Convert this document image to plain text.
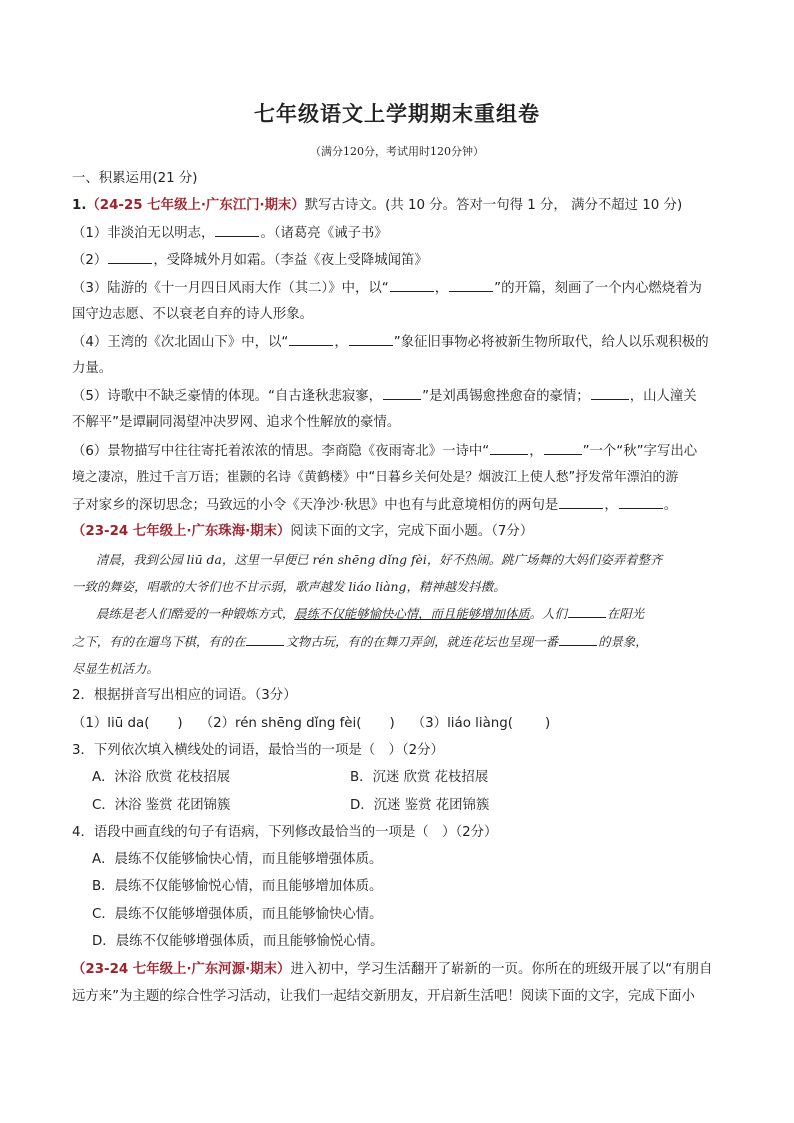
七年级语文上学期期末重组卷
（满分120分，考试用时120分钟）
一、积累运用(21 分)
1.（24-25 七年级上·广东江门·期末）默写古诗文。(共 10 分。答对一句得 1 分， 满分不超过 10 分)
（1）非淡泊无以明志，	。（诸葛亮《诫子书》
（2）	，受降城外月如霜。（李益《夜上受降城闻笛》
（3）陆游的《十一月四日风雨大作（其二）》中，以“	，	”的开篇，刻画了一个内心燃烧着为
国守边志愿、不以衰老自弃的诗人形象。
（4）王湾的《次北固山下》中，以“	，	”象征旧事物必将被新生物所取代，给人以乐观积极的
力量。
（5）诗歌中不缺乏豪情的体现。“自古逢秋悲寂寥，	”是刘禹锡愈挫愈奋的豪情；	，山人潼关
不解平”是谭嗣同渴望冲决罗网、追求个性解放的豪情。
（6）景物描写中往往寄托着浓浓的情思。李商隐《夜雨寄北》一诗中“	，	”一个“秋”字写出心
境之凄凉，胜过千言万语；崔颢的名诗《黄鹤楼》中“日暮乡关何处是？烟波江上使人愁”抒发常年漂泊的游
子对家乡的深切思念；马致远的小令《天净沙·秋思》中也有与此意境相仿的两句是	，	。
（23-24 七年级上·广东珠海·期末）阅读下面的文字，完成下面小题。（7分）
清晨，我到公园 liū da，这里一早便已 rén shēng dǐng fèi，好不热闹。跳广场舞的大妈们姿弄着整齐
一致的舞姿，唱歌的大爷们也不甘示弱，歌声越发 liáo liàng，精神越发抖擞。
晨练是老人们酷爱的一种锻炼方式，晨练不仅能够愉快心情，而且能够增加体质。人们	在阳光
之下，有的在遛鸟下棋，有的在	文物古玩，有的在舞刀弄剑，就连花坛也呈现一番	的景象，
尽显生机活力。
2．根据拼音写出相应的词语。（3分）
（1）liū da( ) （2）rén shēng dǐng fèi( ) （3）liáo liàng( )
3．下列依次填入横线处的词语，最恰当的一项是（　）（2分）
A．沐浴 欣赏 花枝招展	B．沉迷 欣赏 花枝招展
C．沐浴 鉴赏 花团锦簇	D．沉迷 鉴赏 花团锦簇
4．语段中画直线的句子有语病，下列修改最恰当的一项是（　）（2分）
A．晨练不仅能够愉快心情，而且能够增强体质。
B．晨练不仅能够愉悦心情，而且能够增加体质。
C．晨练不仅能够增强体质，而且能够愉快心情。
D．晨练不仅能够增强体质，而且能够愉悦心情。
（23-24 七年级上·广东河源·期末）进入初中，学习生活翻开了崭新的一页。你所在的班级开展了以“有朋自
远方来”为主题的综合性学习活动，让我们一起结交新朋友，开启新生活吧！阅读下面的文字，完成下面小
